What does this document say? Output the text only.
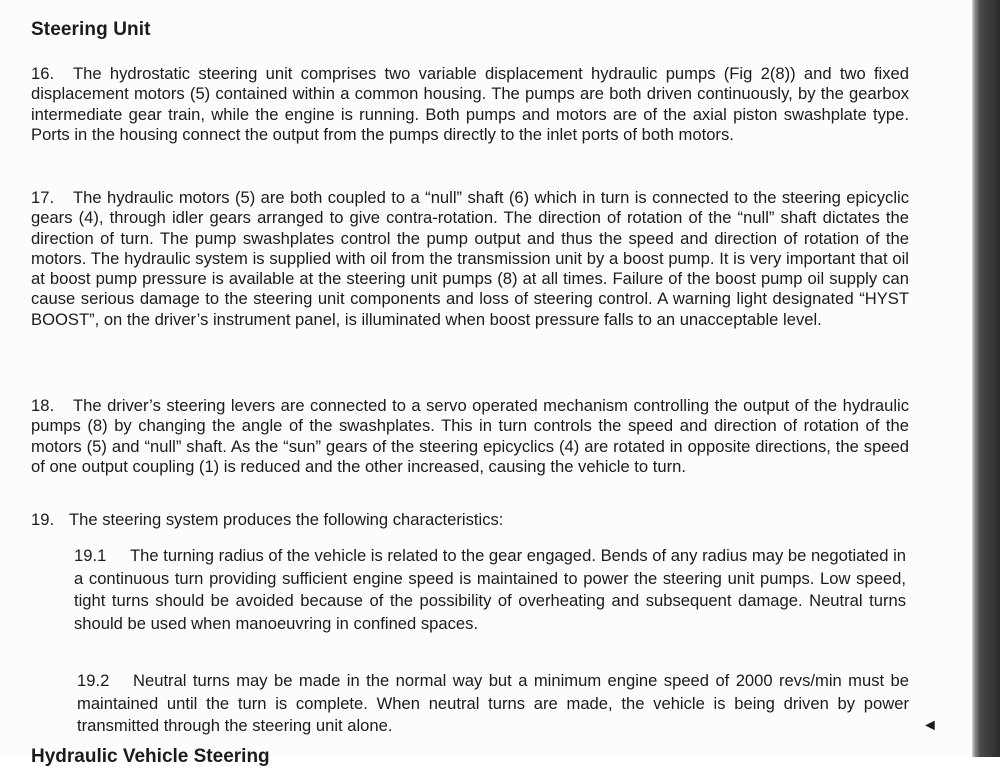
Steering Unit

16. The hydrostatic steering unit comprises two variable displacement hydraulic pumps (Fig 2(8)) and two fixed displacement motors (5) contained within a common housing. The pumps are both driven continuously, by the gearbox intermediate gear train, while the engine is running. Both pumps and motors are of the axial piston swashplate type. Ports in the housing connect the output from the pumps directly to the inlet ports of both motors.

17. The hydraulic motors (5) are both coupled to a “null” shaft (6) which in turn is connected to the steering epicyclic gears (4), through idler gears arranged to give contra-rotation. The direction of rotation of the “null” shaft dictates the direction of turn. The pump swashplates control the pump output and thus the speed and direction of rotation of the motors. The hydraulic system is supplied with oil from the transmission unit by a boost pump. It is very important that oil at boost pump pressure is available at the steering unit pumps (8) at all times. Failure of the boost pump oil supply can cause serious damage to the steering unit components and loss of steering control. A warning light designated “HYST BOOST”, on the driver’s instrument panel, is illuminated when boost pressure falls to an unacceptable level.

18. The driver’s steering levers are connected to a servo operated mechanism controlling the output of the hydraulic pumps (8) by changing the angle of the swashplates. This in turn controls the speed and direction of rotation of the motors (5) and “null” shaft. As the “sun” gears of the steering epicyclics (4) are rotated in opposite directions, the speed of one output coupling (1) is reduced and the other increased, causing the vehicle to turn.

19. The steering system produces the following characteristics:

19.1 The turning radius of the vehicle is related to the gear engaged. Bends of any radius may be negotiated in a continuous turn providing sufficient engine speed is maintained to power the steering unit pumps. Low speed, tight turns should be avoided because of the possibility of overheating and subsequent damage. Neutral turns should be used when manoeuvring in confined spaces.

19.2 Neutral turns may be made in the normal way but a minimum engine speed of 2000 revs/min must be maintained until the turn is complete. When neutral turns are made, the vehicle is being driven by power transmitted through the steering unit alone.	◄
Hydraulic Vehicle Steering
